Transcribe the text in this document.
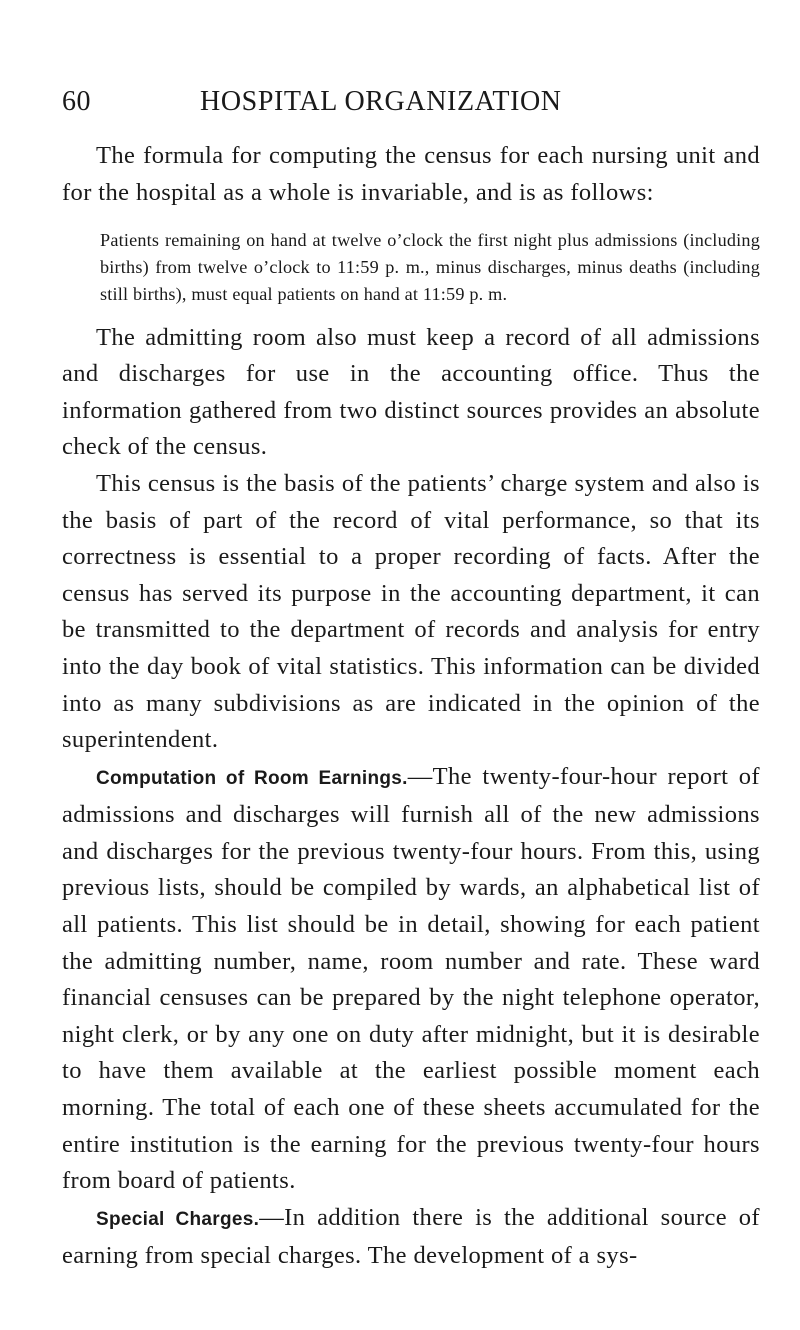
60	HOSPITAL ORGANIZATION

The formula for computing the census for each nursing unit and for the hospital as a whole is invariable, and is as follows:

Patients remaining on hand at twelve o’clock the first night plus admissions (including births) from twelve o’clock to 11:59 p. m., minus discharges, minus deaths (including still births), must equal patients on hand at 11:59 p. m.

The admitting room also must keep a record of all admissions and discharges for use in the accounting office. Thus the information gathered from two distinct sources provides an absolute check of the census.

This census is the basis of the patients’ charge system and also is the basis of part of the record of vital performance, so that its correctness is essential to a proper recording of facts. After the census has served its purpose in the accounting department, it can be transmitted to the department of records and analysis for entry into the day book of vital statistics. This information can be divided into as many subdivisions as are indicated in the opinion of the superintendent.

Computation of Room Earnings.—The twenty-four-hour report of admissions and discharges will furnish all of the new admissions and discharges for the previous twenty-four hours. From this, using previous lists, should be compiled by wards, an alphabetical list of all patients. This list should be in detail, showing for each patient the admitting number, name, room number and rate. These ward financial censuses can be prepared by the night telephone operator, night clerk, or by any one on duty after midnight, but it is desirable to have them available at the earliest possible moment each morning. The total of each one of these sheets accumulated for the entire institution is the earning for the previous twenty-four hours from board of patients.

Special Charges.—In addition there is the additional source of earning from special charges. The development of a sys-
